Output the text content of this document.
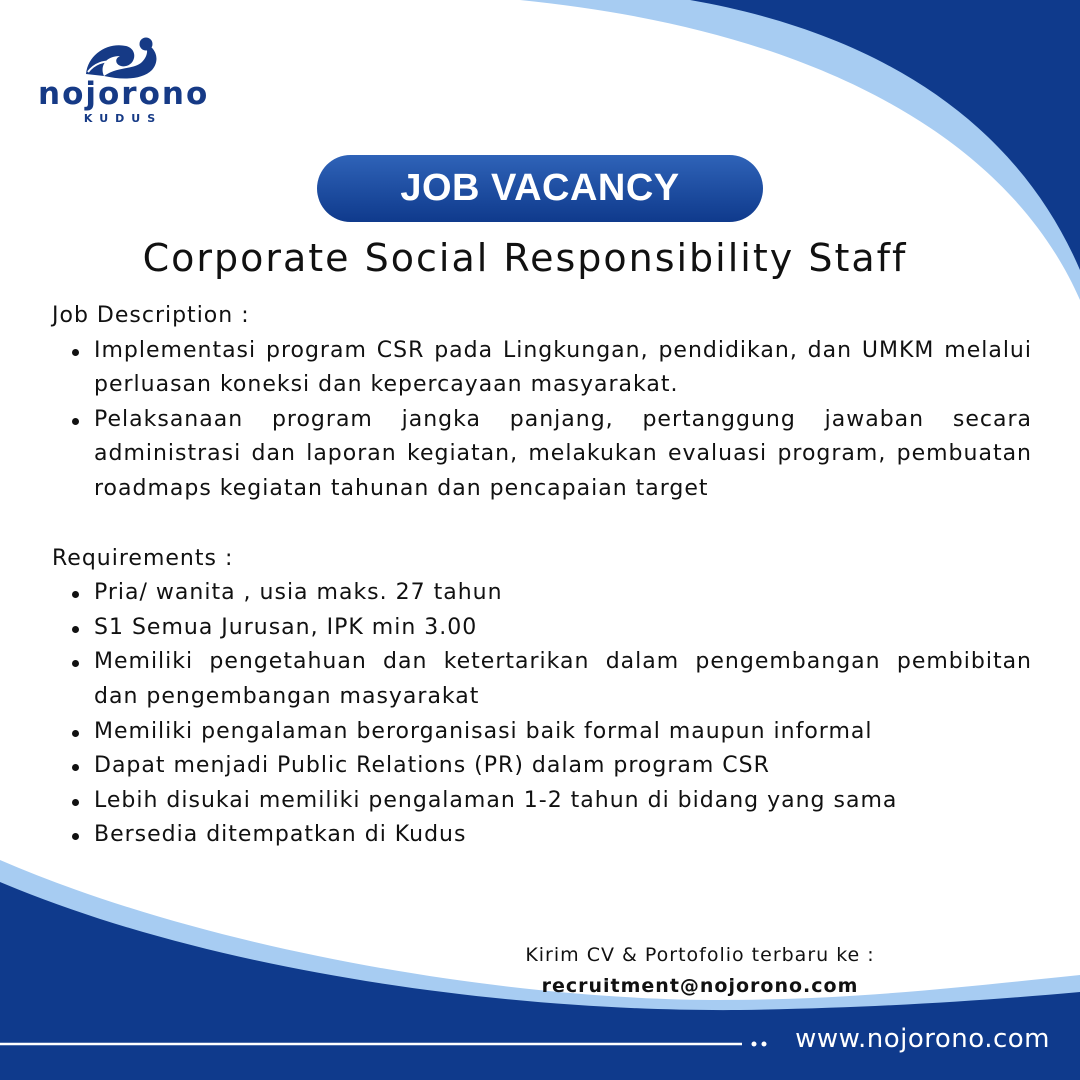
nojorono
KUDUS
JOB VACANCY
Corporate Social Responsibility Staff
Job Description :
Implementasi program CSR pada Lingkungan, pendidikan, dan UMKM melalui perluasan koneksi dan kepercayaan masyarakat.
Pelaksanaan program jangka panjang, pertanggung jawaban secara administrasi dan laporan kegiatan, melakukan evaluasi program, pembuatan roadmaps kegiatan tahunan dan pencapaian target
Requirements :
Pria/ wanita , usia maks. 27 tahun
S1 Semua Jurusan, IPK min 3.00
Memiliki pengetahuan dan ketertarikan dalam pengembangan pembibitan dan pengembangan masyarakat
Memiliki pengalaman berorganisasi baik formal maupun informal
Dapat menjadi Public Relations (PR) dalam program CSR
Lebih disukai memiliki pengalaman 1-2 tahun di bidang yang sama
Bersedia ditempatkan di Kudus
Kirim CV & Portofolio terbaru ke :
recruitment@nojorono.com
www.nojorono.com
